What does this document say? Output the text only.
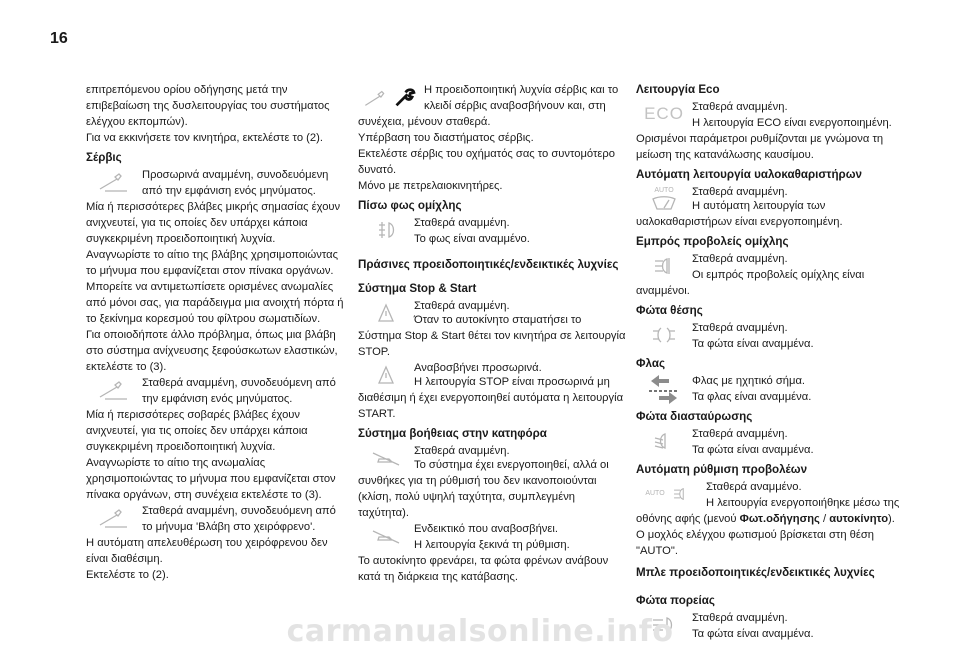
16

επιτρεπόμενου ορίου οδήγησης μετά την επιβεβαίωση της δυσλειτουργίας του συστήματος ελέγχου εκπομπών).

Για να εκκινήσετε τον κινητήρα, εκτελέστε το (2).

Σέρβις

Προσωρινά αναμμένη, συνοδευόμενη από την εμφάνιση ενός μηνύματος.

Μία ή περισσότερες βλάβες μικρής σημασίας έχουν ανιχνευτεί, για τις οποίες δεν υπάρχει κάποια συγκεκριμένη προειδοποιητική λυχνία.

Αναγνωρίστε το αίτιο της βλάβης χρησιμοποιώντας το μήνυμα που εμφανίζεται στον πίνακα οργάνων.

Μπορείτε να αντιμετωπίσετε ορισμένες ανωμαλίες από μόνοι σας, για παράδειγμα μια ανοιχτή πόρτα ή το ξεκίνημα κορεσμού του φίλτρου σωματιδίων.

Για οποιοδήποτε άλλο πρόβλημα, όπως μια βλάβη στο σύστημα ανίχνευσης ξεφούσκωτων ελαστικών, εκτελέστε το (3).

Σταθερά αναμμένη, συνοδευόμενη από την εμφάνιση ενός μηνύματος.

Μία ή περισσότερες σοβαρές βλάβες έχουν ανιχνευτεί, για τις οποίες δεν υπάρχει κάποια συγκεκριμένη προειδοποιητική λυχνία.

Αναγνωρίστε το αίτιο της ανωμαλίας χρησιμοποιώντας το μήνυμα που εμφανίζεται στον πίνακα οργάνων, στη συνέχεια εκτελέστε το (3).

Σταθερά αναμμένη, συνοδευόμενη από το μήνυμα 'Βλάβη στο χειρόφρενο'.

Η αυτόματη απελευθέρωση του χειρόφρενου δεν είναι διαθέσιμη.

Εκτελέστε το (2).

Η προειδοποιητική λυχνία σέρβις και το κλειδί σέρβις αναβοσβήνουν και, στη συνέχεια, μένουν σταθερά.

Υπέρβαση του διαστήματος σέρβις.

Εκτελέστε σέρβις του οχήματός σας το συντομότερο δυνατό.

Μόνο με πετρελαιοκινητήρες.

Πίσω φως ομίχλης

Σταθερά αναμμένη.

Το φως είναι αναμμένο.

Πράσινες προειδοποιητικές/ενδεικτικές λυχνίες
Σύστημα Stop & Start

Σταθερά αναμμένη.

Όταν το αυτοκίνητο σταματήσει το Σύστημα Stop & Start θέτει τον κινητήρα σε λειτουργία STOP.

Αναβοσβήνει προσωρινά.

Η λειτουργία STOP είναι προσωρινά μη διαθέσιμη ή έχει ενεργοποιηθεί αυτόματα η λειτουργία START.

Σύστημα βοήθειας στην κατηφόρα

Σταθερά αναμμένη.

Το σύστημα έχει ενεργοποιηθεί, αλλά οι συνθήκες για τη ρύθμισή του δεν ικανοποιούνται (κλίση, πολύ υψηλή ταχύτητα, συμπλεγμένη ταχύτητα).

Ενδεικτικό που αναβοσβήνει.

Η λειτουργία ξεκινά τη ρύθμιση.

Το αυτοκίνητο φρενάρει, τα φώτα φρένων ανάβουν κατά τη διάρκεια της κατάβασης.

Λειτουργία Eco
ECO Σταθερά αναμμένη.

Η λειτουργία ECO είναι ενεργοποιημένη.

Ορισμένοι παράμετροι ρυθμίζονται με γνώμονα τη μείωση της κατανάλωσης καυσίμου.

Αυτόματη λειτουργία υαλοκαθαριστήρων
AUTO	Σταθερά αναμμένη.

Η αυτόματη λειτουργία των υαλοκαθαριστήρων είναι ενεργοποιημένη.

Εμπρός προβολείς ομίχλης

Σταθερά αναμμένη.

Οι εμπρός προβολείς ομίχλης είναι αναμμένοι.

Φώτα θέσης

Σταθερά αναμμένη.

Τα φώτα είναι αναμμένα.

Φλας

Φλας με ηχητικό σήμα.

Τα φλας είναι αναμμένα.

Φώτα διασταύρωσης

Σταθερά αναμμένη.

Τα φώτα είναι αναμμένα.

Αυτόματη ρύθμιση προβολέων
AUTO

Σταθερά αναμμένο.

Η λειτουργία ενεργοποιήθηκε μέσω της οθόνης αφής (μενού Φωτ.οδήγησης / αυτοκίνητο).

Ο μοχλός ελέγχου φωτισμού βρίσκεται στη θέση "AUTO".

Μπλε προειδοποιητικές/ενδεικτικές λυχνίες
Φώτα πορείας

Σταθερά αναμμένη.

Τα φώτα είναι αναμμένα.

carmanualsonline.info
